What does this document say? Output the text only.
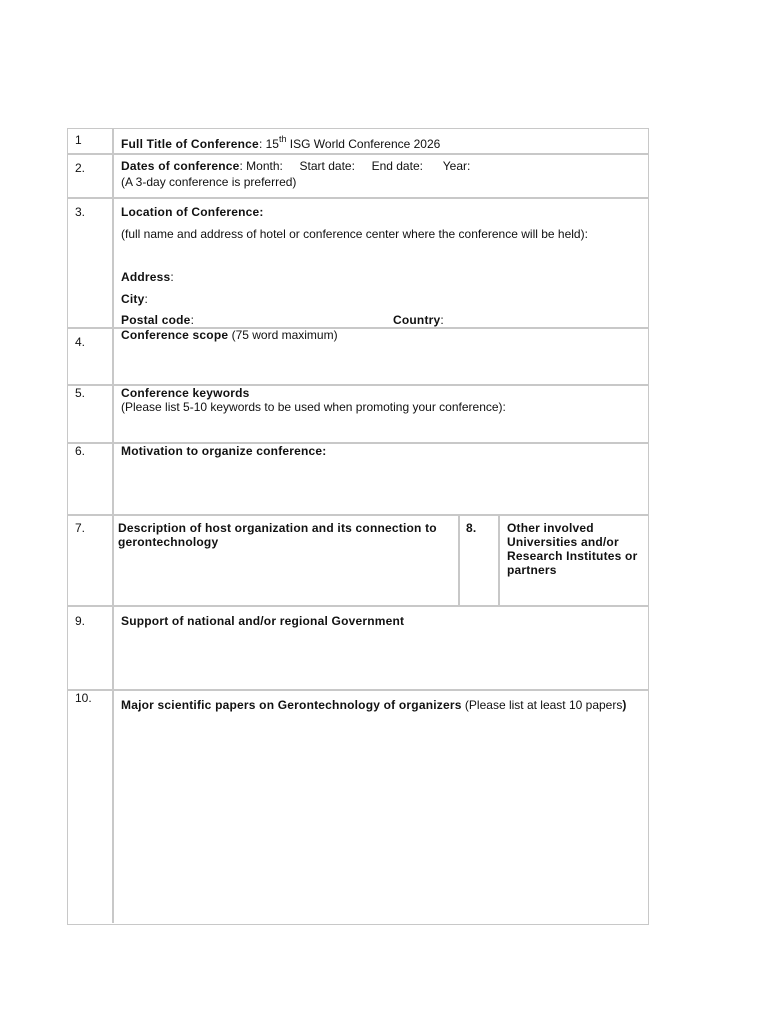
1	Full Title of Conference: 15th ISG World Conference 2026
2.	Dates of conference: Month:     Start date:     End date:      Year:
(A 3-day conference is preferred)
3.	Location of Conference:
(full name and address of hotel or conference center where the conference will be held):
Address:
City:
Postal code:	Country:
4.	Conference scope (75 word maximum)
5.	Conference keywords
(Please list 5-10 keywords to be used when promoting your conference):
6.	Motivation to organize conference:
7.	Description of host organization and its connection to
gerontechnology
8.	Other involved
Universities and/or
Research Institutes or
partners
9.	Support of national and/or regional Government
10. Major scientific papers on Gerontechnology of organizers (Please list at least 10 papers)
